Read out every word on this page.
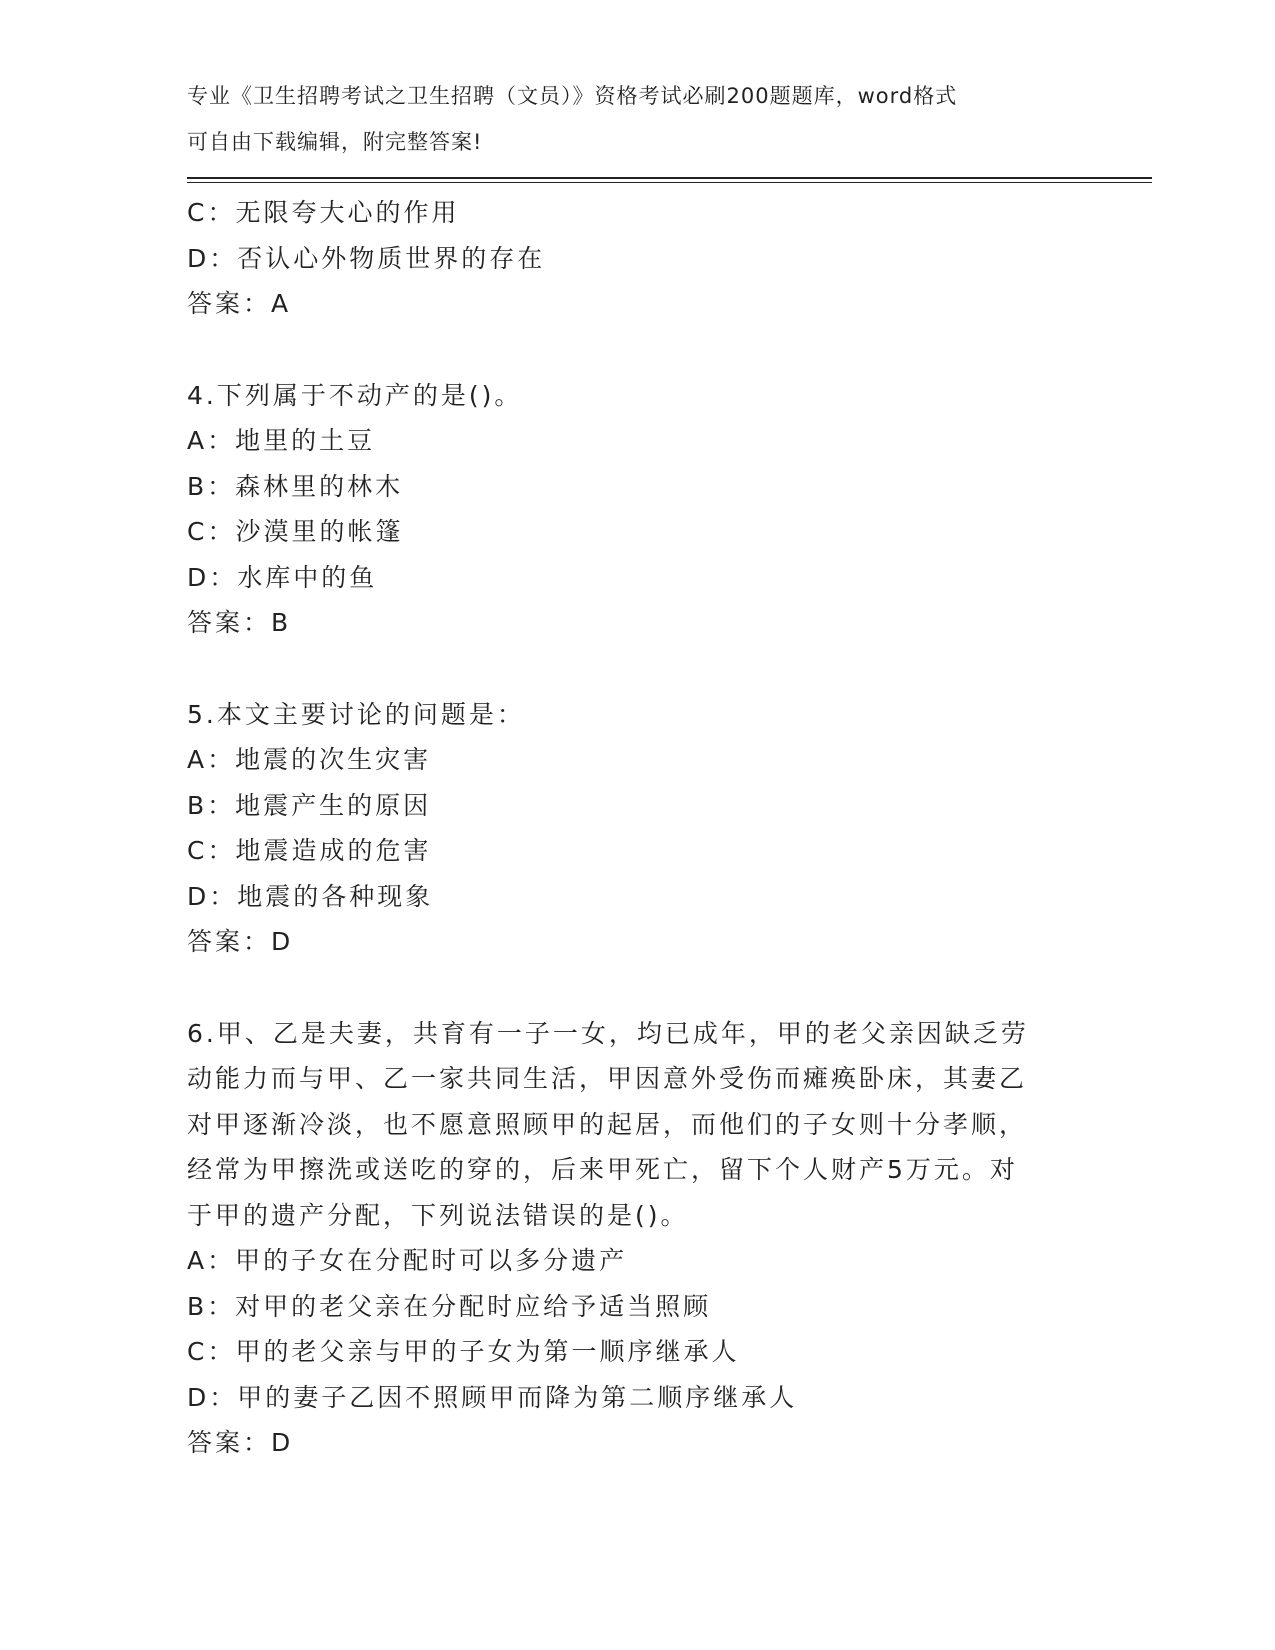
专业《卫生招聘考试之卫生招聘（文员）》资格考试必刷200题题库，word格式
可自由下载编辑，附完整答案!
C：无限夸大心的作用
D：否认心外物质世界的存在
答案：A
4.下列属于不动产的是()。
A：地里的土豆
B：森林里的林木
C：沙漠里的帐篷
D：水库中的鱼
答案：B
5.本文主要讨论的问题是：
A：地震的次生灾害
B：地震产生的原因
C：地震造成的危害
D：地震的各种现象
答案：D
6.甲、乙是夫妻，共育有一子一女，均已成年，甲的老父亲因缺乏劳
动能力而与甲、乙一家共同生活，甲因意外受伤而瘫痪卧床，其妻乙
对甲逐渐冷淡，也不愿意照顾甲的起居，而他们的子女则十分孝顺，
经常为甲擦洗或送吃的穿的，后来甲死亡，留下个人财产5万元。对
于甲的遗产分配，下列说法错误的是()。
A：甲的子女在分配时可以多分遗产
B：对甲的老父亲在分配时应给予适当照顾
C：甲的老父亲与甲的子女为第一顺序继承人
D：甲的妻子乙因不照顾甲而降为第二顺序继承人
答案：D
